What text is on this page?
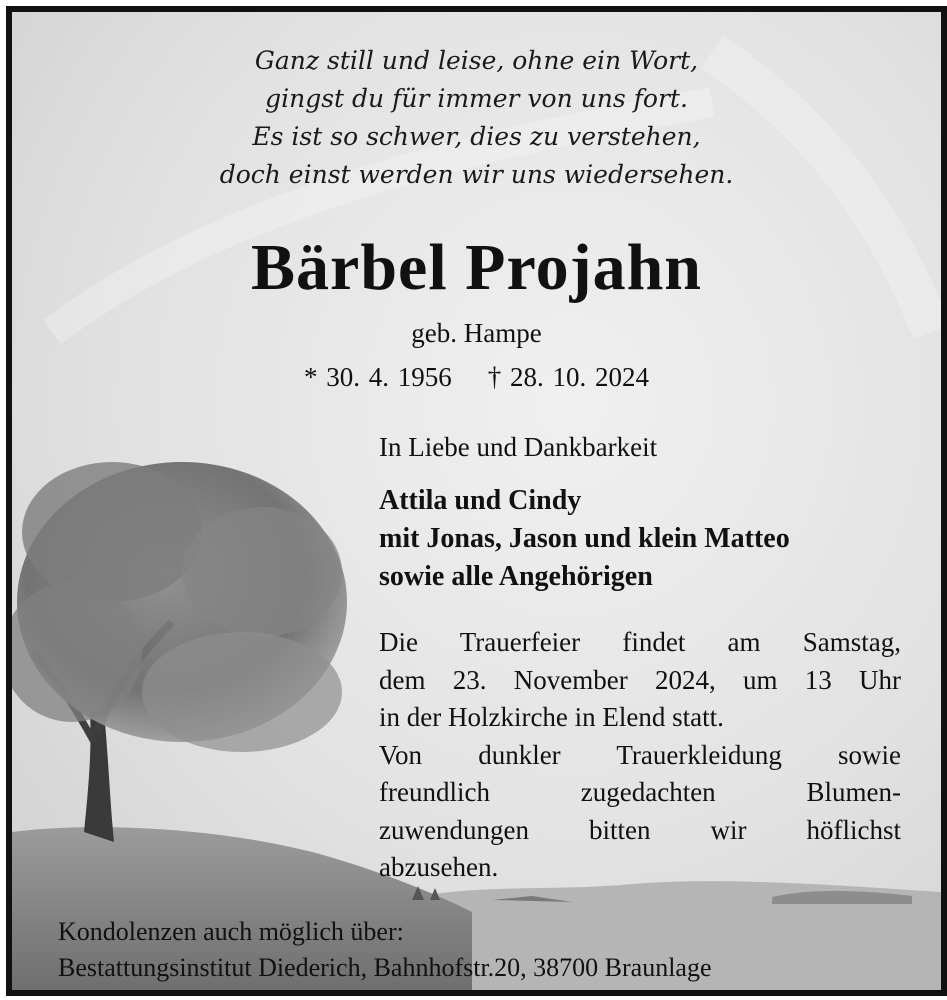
Ganz still und leise, ohne ein Wort,
gingst du für immer von uns fort.
Es ist so schwer, dies zu verstehen,
doch einst werden wir uns wiedersehen.
Bärbel Projahn
geb. Hampe
* 30. 4. 1956 † 28. 10. 2024
In Liebe und Dankbarkeit
Attila und Cindy
mit Jonas, Jason und klein Matteo
sowie alle Angehörigen
Die Trauerfeier findet am Samstag,
dem 23. November 2024, um 13 Uhr
in der Holzkirche in Elend statt.
Von dunkler Trauerkleidung sowie
freundlich zugedachten Blumen-
zuwendungen bitten wir höflichst
abzusehen.
Kondolenzen auch möglich über:
Bestattungsinstitut Diederich, Bahnhofstr.20, 38700 Braunlage
